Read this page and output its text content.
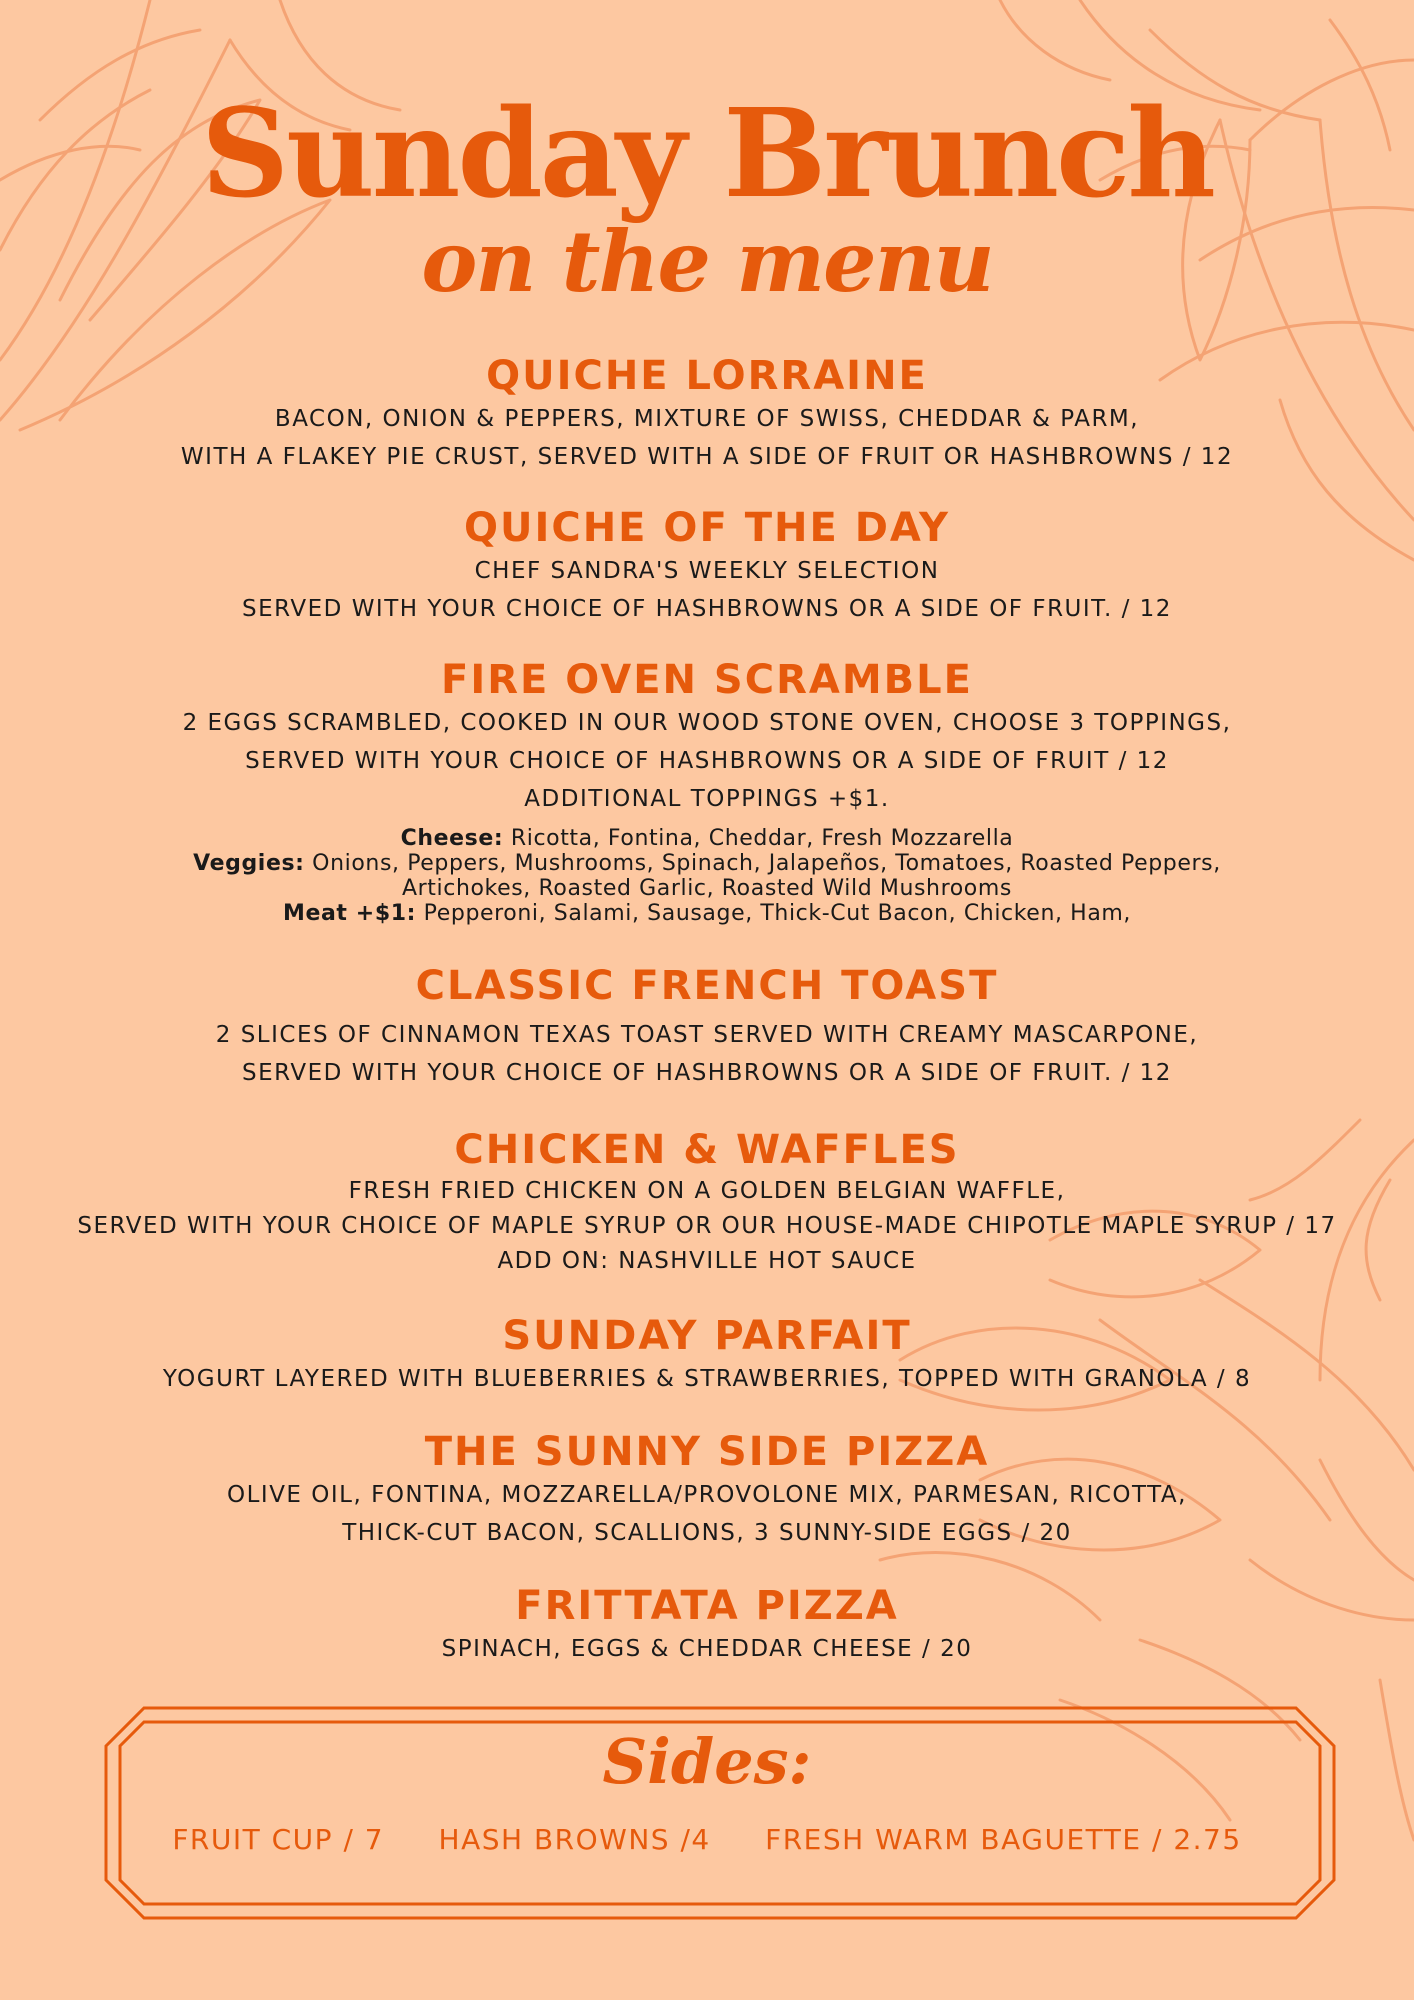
Sunday Brunch
on the menu
QUICHE LORRAINE
BACON, ONION & PEPPERS, MIXTURE OF SWISS, CHEDDAR & PARM,
WITH A FLAKEY PIE CRUST, SERVED WITH A SIDE OF FRUIT OR HASHBROWNS / 12
QUICHE OF THE DAY
CHEF SANDRA'S WEEKLY SELECTION
SERVED WITH YOUR CHOICE OF HASHBROWNS OR A SIDE OF FRUIT. / 12
FIRE OVEN SCRAMBLE
2 EGGS SCRAMBLED, COOKED IN OUR WOOD STONE OVEN, CHOOSE 3 TOPPINGS,
SERVED WITH YOUR CHOICE OF HASHBROWNS OR A SIDE OF FRUIT / 12
ADDITIONAL TOPPINGS +$1.
Cheese: Ricotta, Fontina, Cheddar, Fresh Mozzarella
Veggies: Onions, Peppers, Mushrooms, Spinach, Jalapeños, Tomatoes, Roasted Peppers,
Artichokes, Roasted Garlic, Roasted Wild Mushrooms
Meat +$1: Pepperoni, Salami, Sausage, Thick-Cut Bacon, Chicken, Ham,
CLASSIC FRENCH TOAST
2 SLICES OF CINNAMON TEXAS TOAST SERVED WITH CREAMY MASCARPONE,
SERVED WITH YOUR CHOICE OF HASHBROWNS OR A SIDE OF FRUIT. / 12
CHICKEN & WAFFLES
FRESH FRIED CHICKEN ON A GOLDEN BELGIAN WAFFLE,
SERVED WITH YOUR CHOICE OF MAPLE SYRUP OR OUR HOUSE-MADE CHIPOTLE MAPLE SYRUP / 17
ADD ON: NASHVILLE HOT SAUCE
SUNDAY PARFAIT
YOGURT LAYERED WITH BLUEBERRIES & STRAWBERRIES, TOPPED WITH GRANOLA / 8
THE SUNNY SIDE PIZZA
OLIVE OIL, FONTINA, MOZZARELLA/PROVOLONE MIX, PARMESAN, RICOTTA,
THICK-CUT BACON, SCALLIONS, 3 SUNNY-SIDE EGGS / 20
FRITTATA PIZZA
SPINACH, EGGS & CHEDDAR CHEESE / 20
Sides:
FRUIT CUP / 7 HASH BROWNS /4 FRESH WARM BAGUETTE / 2.75
